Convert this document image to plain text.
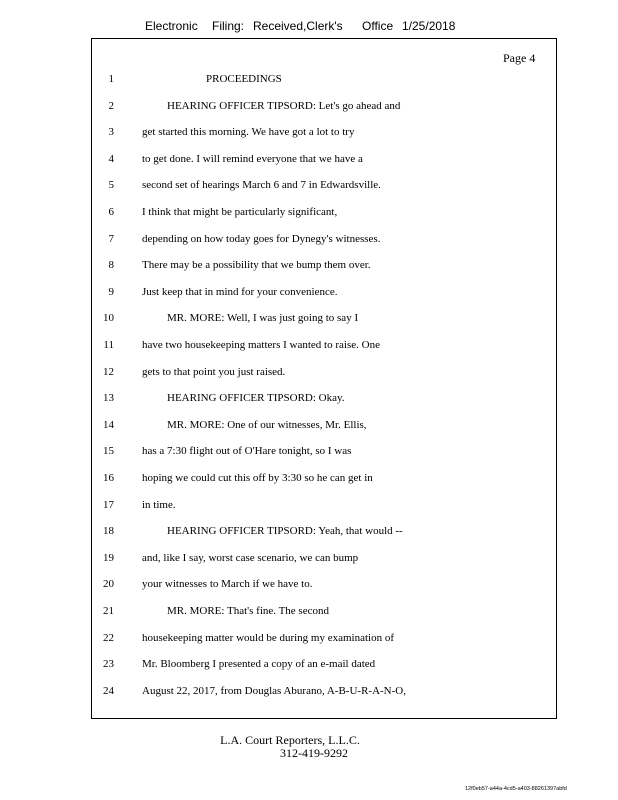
Electronic Filing: Received,Clerk's Office 1/25/2018
Page 4
1	PROCEEDINGS
2	HEARING OFFICER TIPSORD: Let's go ahead and
3	get started this morning. We have got a lot to try
4	to get done. I will remind everyone that we have a
5	second set of hearings March 6 and 7 in Edwardsville.
6	I think that might be particularly significant,
7	depending on how today goes for Dynegy's witnesses.
8	There may be a possibility that we bump them over.
9	Just keep that in mind for your convenience.
10	MR. MORE: Well, I was just going to say I
11	have two housekeeping matters I wanted to raise. One
12	gets to that point you just raised.
13	HEARING OFFICER TIPSORD: Okay.
14	MR. MORE: One of our witnesses, Mr. Ellis,
15	has a 7:30 flight out of O'Hare tonight, so I was
16	hoping we could cut this off by 3:30 so he can get in
17	in time.
18	HEARING OFFICER TIPSORD: Yeah, that would --
19	and, like I say, worst case scenario, we can bump
20	your witnesses to March if we have to.
21	MR. MORE: That's fine. The second
22	housekeeping matter would be during my examination of
23	Mr. Bloomberg I presented a copy of an e-mail dated
24	August 22, 2017, from Douglas Aburano, A-B-U-R-A-N-O,
L.A. Court Reporters, L.L.C.
312-419-9292
12f0eb57-a44a-4cd5-a403-88261397abfd
